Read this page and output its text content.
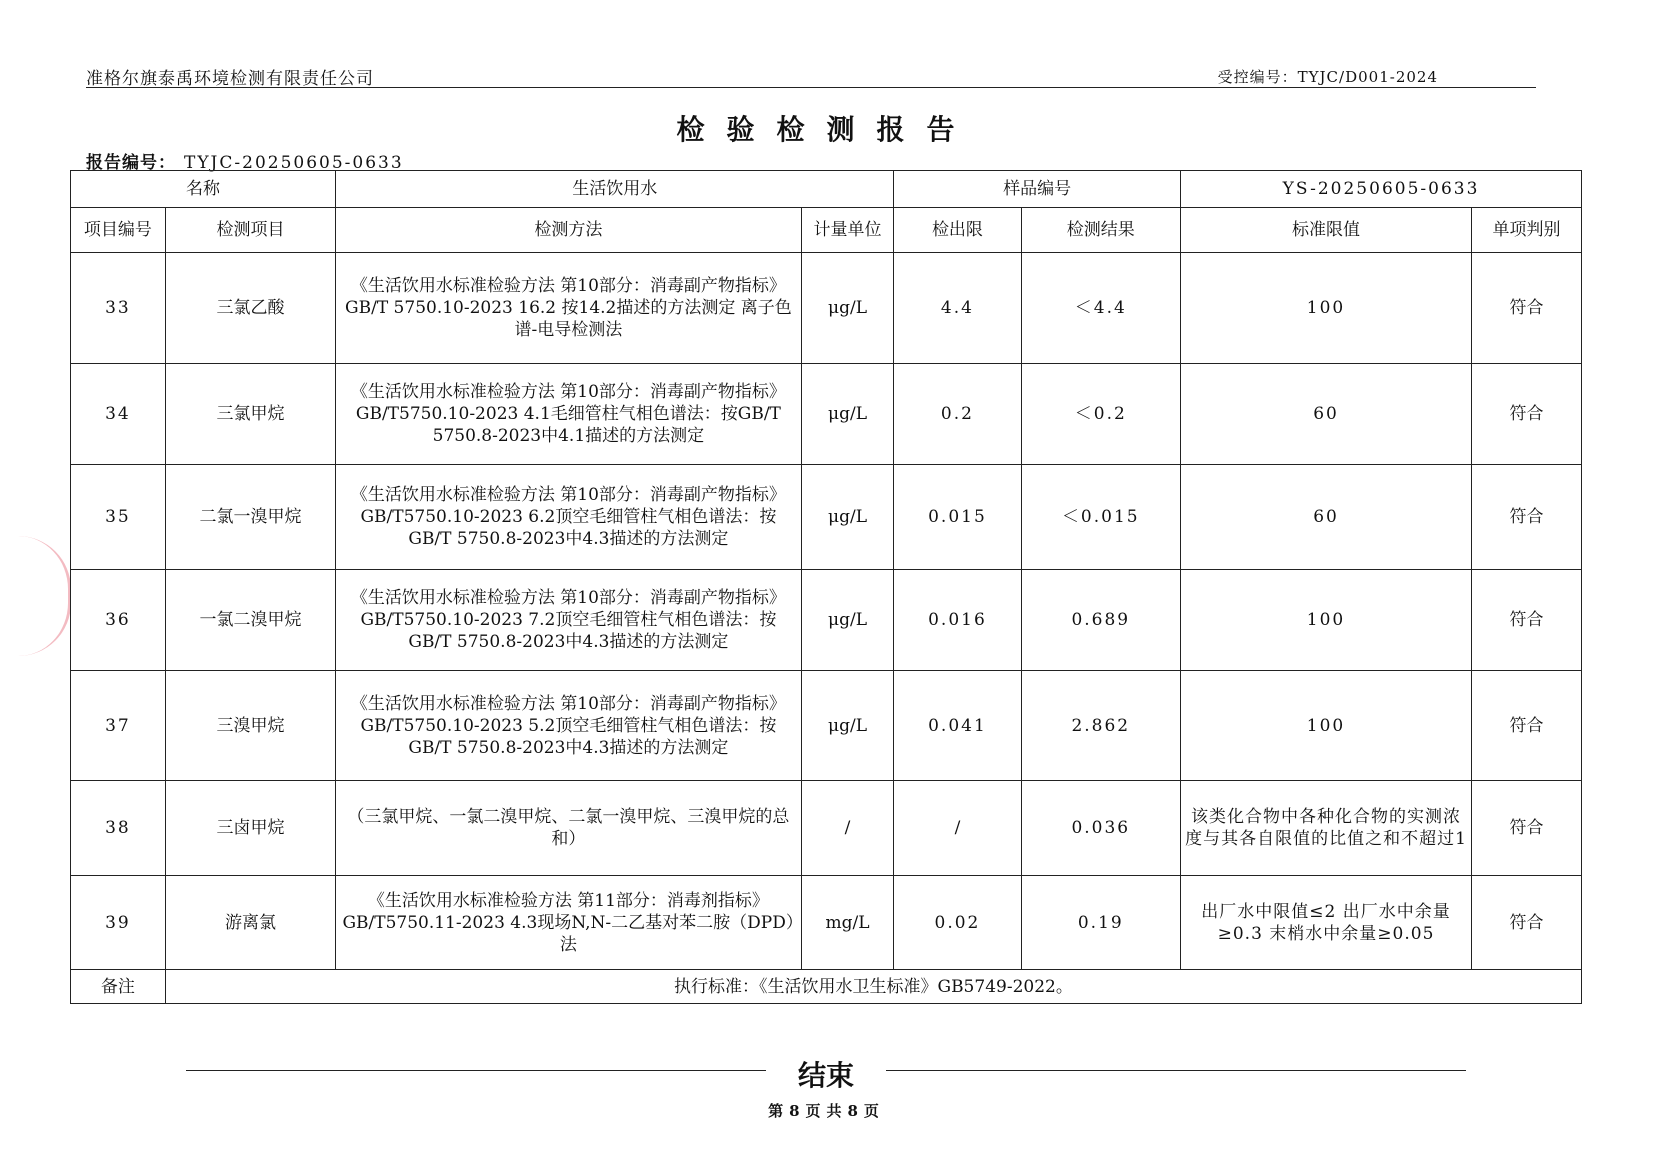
准格尔旗泰禹环境检测有限责任公司	受控编号：TYJC/D001-2024
检验检测报告
报告编号： TYJC-20250605-0633
名称		生活饮用水		样品编号		YS-20250605-0633	
项目编号	检测项目	检测方法	计量单位	检出限	检测结果	标准限值	单项判别
33	三氯乙酸	《生活饮用水标准检验方法 第10部分：消毒副产物指标》GB/T 5750.10-2023 16.2 按14.2描述的方法测定 离子色谱-电导检测法	μg/L	4.4	＜4.4	100	符合
34	三氯甲烷	《生活饮用水标准检验方法 第10部分：消毒副产物指标》GB/T5750.10-2023 4.1毛细管柱气相色谱法：按GB/T 5750.8-2023中4.1描述的方法测定	μg/L	0.2	＜0.2	60	符合
35	二氯一溴甲烷	《生活饮用水标准检验方法 第10部分：消毒副产物指标》GB/T5750.10-2023 6.2顶空毛细管柱气相色谱法：按GB/T 5750.8-2023中4.3描述的方法测定	μg/L	0.015	＜0.015	60	符合
36	一氯二溴甲烷	《生活饮用水标准检验方法 第10部分：消毒副产物指标》GB/T5750.10-2023 7.2顶空毛细管柱气相色谱法：按GB/T 5750.8-2023中4.3描述的方法测定	μg/L	0.016	0.689	100	符合
37	三溴甲烷	《生活饮用水标准检验方法 第10部分：消毒副产物指标》GB/T5750.10-2023 5.2顶空毛细管柱气相色谱法：按GB/T 5750.8-2023中4.3描述的方法测定	μg/L	0.041	2.862	100	符合
38	三卤甲烷	（三氯甲烷、一氯二溴甲烷、二氯一溴甲烷、三溴甲烷的总和）	/	/	0.036	该类化合物中各种化合物的实测浓度与其各自限值的比值之和不超过1	符合
39	游离氯	《生活饮用水标准检验方法 第11部分：消毒剂指标》GB/T5750.11-2023 4.3现场N,N-二乙基对苯二胺（DPD）法	mg/L	0.02	0.19	出厂水中限值≤2 出厂水中余量≥0.3 末梢水中余量≥0.05	符合
备注	执行标准：《生活饮用水卫生标准》GB5749-2022。						
结束
第8页共8页
